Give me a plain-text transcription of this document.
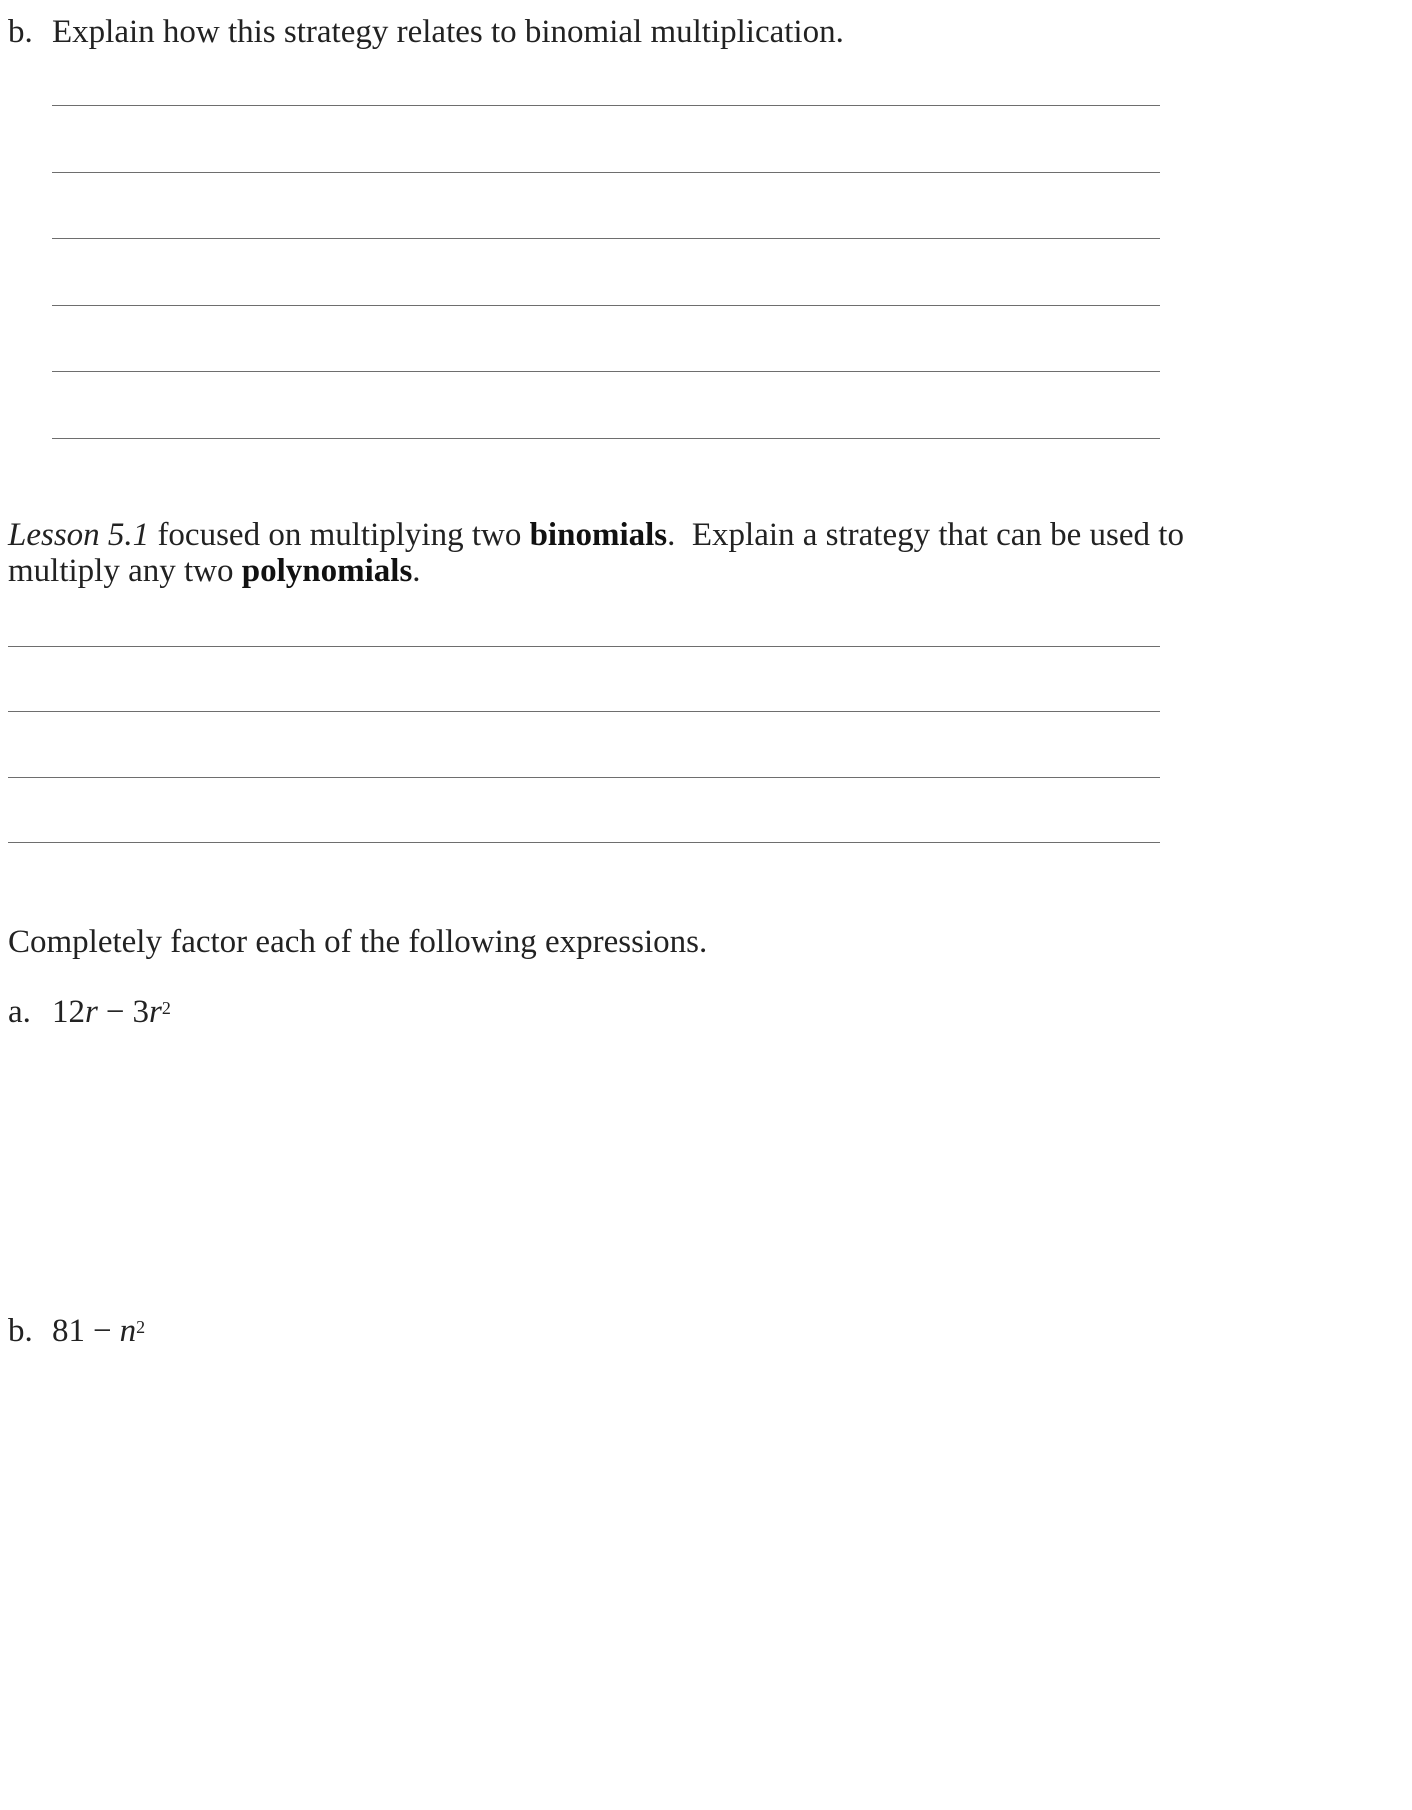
b. Explain how this strategy relates to binomial multiplication.
Lesson 5.1 focused on multiplying two binomials.  Explain a strategy that can be used to
multiply any two polynomials.
Completely factor each of the following expressions.
a. $12r - 3r^2$
b. $81 - n^2$
